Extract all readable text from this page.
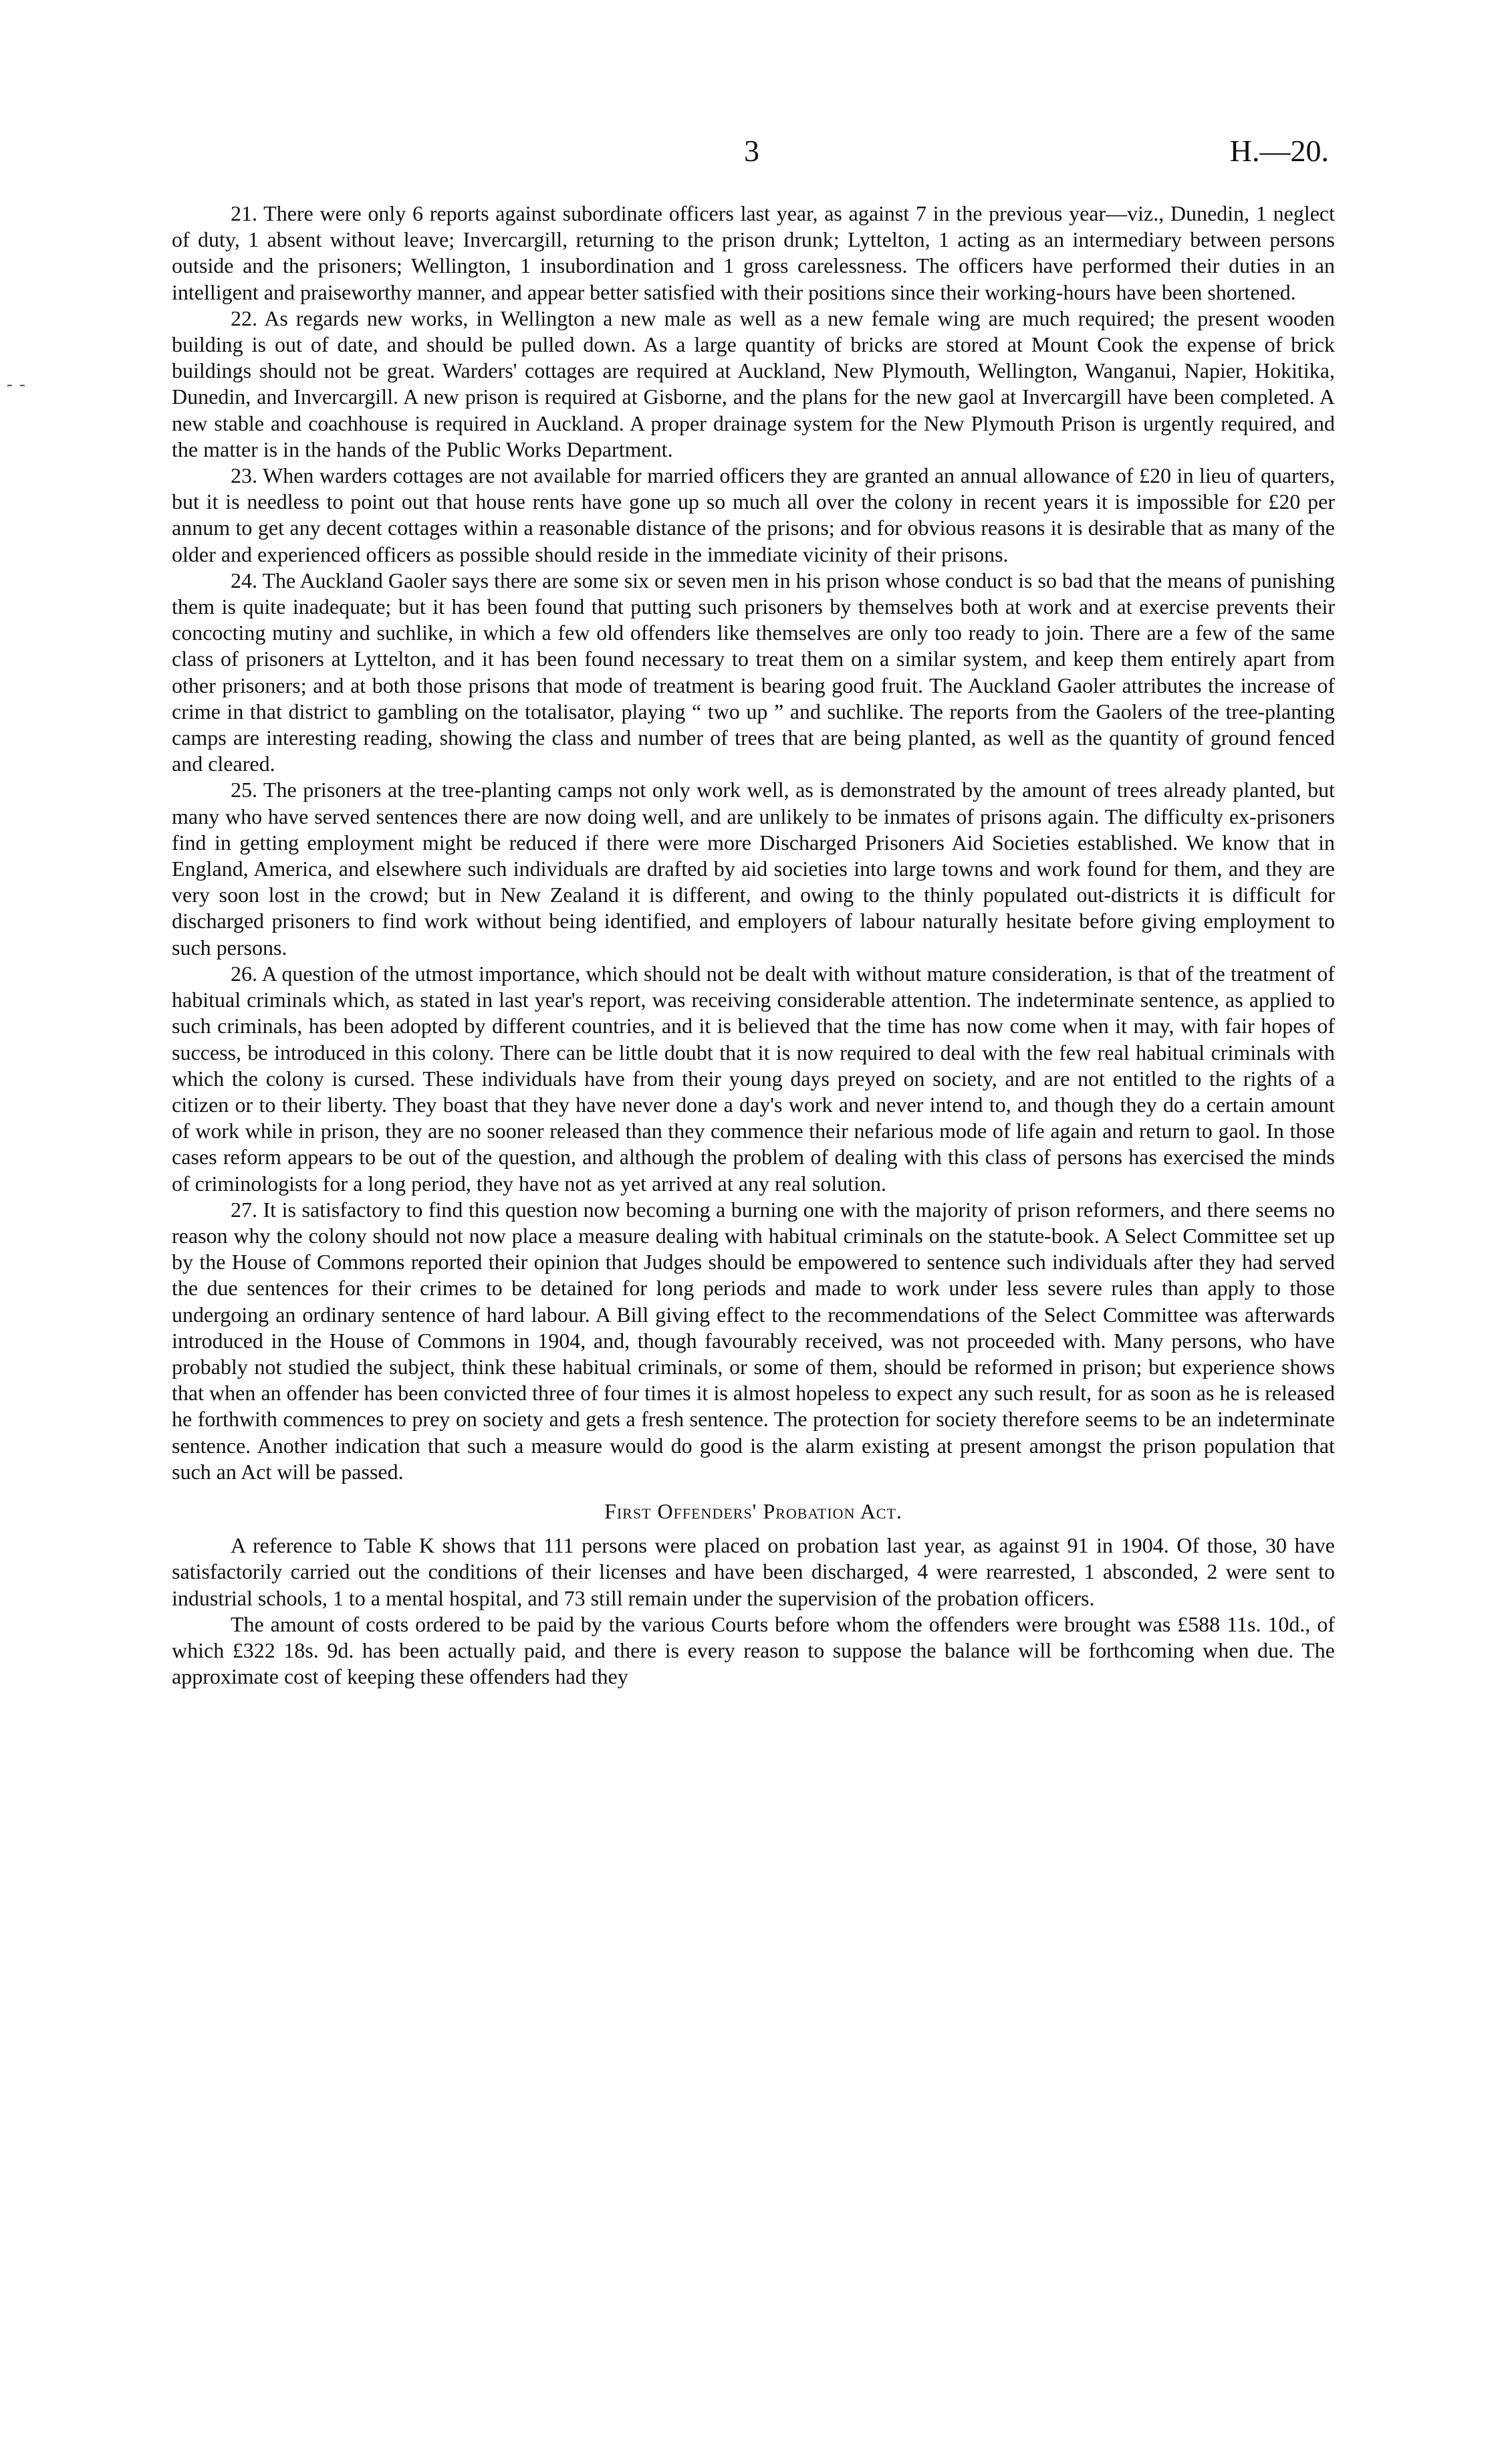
3	H.—20.
- -

21. There were only 6 reports against subordinate officers last year, as against 7 in the previous year—viz., Dunedin, 1 neglect of duty, 1 absent without leave; Invercargill, returning to the prison drunk; Lyttelton, 1 acting as an intermediary between persons outside and the prisoners; Wellington, 1 insubordination and 1 gross carelessness. The officers have performed their duties in an intelligent and praiseworthy manner, and appear better satisfied with their positions since their working-hours have been shortened.

22. As regards new works, in Wellington a new male as well as a new female wing are much required; the present wooden building is out of date, and should be pulled down. As a large quantity of bricks are stored at Mount Cook the expense of brick buildings should not be great. Warders' cottages are required at Auckland, New Plymouth, Wellington, Wanganui, Napier, Hokitika, Dunedin, and Invercargill. A new prison is required at Gisborne, and the plans for the new gaol at Invercargill have been completed. A new stable and coachhouse is required in Auckland. A proper drainage system for the New Plymouth Prison is urgently required, and the matter is in the hands of the Public Works Department.

23. When warders cottages are not available for married officers they are granted an annual allowance of £20 in lieu of quarters, but it is needless to point out that house rents have gone up so much all over the colony in recent years it is impossible for £20 per annum to get any decent cottages within a reasonable distance of the prisons; and for obvious reasons it is desirable that as many of the older and experienced officers as possible should reside in the immediate vicinity of their prisons.

24. The Auckland Gaoler says there are some six or seven men in his prison whose conduct is so bad that the means of punishing them is quite inadequate; but it has been found that putting such prisoners by themselves both at work and at exercise prevents their concocting mutiny and suchlike, in which a few old offenders like themselves are only too ready to join. There are a few of the same class of prisoners at Lyttelton, and it has been found necessary to treat them on a similar system, and keep them entirely apart from other prisoners; and at both those prisons that mode of treatment is bearing good fruit. The Auckland Gaoler attributes the increase of crime in that district to gambling on the totalisator, playing “ two up ” and suchlike. The reports from the Gaolers of the tree-planting camps are interesting reading, showing the class and number of trees that are being planted, as well as the quantity of ground fenced and cleared.

25. The prisoners at the tree-planting camps not only work well, as is demonstrated by the amount of trees already planted, but many who have served sentences there are now doing well, and are unlikely to be inmates of prisons again. The difficulty ex-prisoners find in getting employment might be reduced if there were more Discharged Prisoners Aid Societies established. We know that in England, America, and elsewhere such individuals are drafted by aid societies into large towns and work found for them, and they are very soon lost in the crowd; but in New Zealand it is different, and owing to the thinly populated out-districts it is difficult for discharged prisoners to find work without being identified, and employers of labour naturally hesitate before giving employment to such persons.

26. A question of the utmost importance, which should not be dealt with without mature consideration, is that of the treatment of habitual criminals which, as stated in last year's report, was receiving considerable attention. The indeterminate sentence, as applied to such criminals, has been adopted by different countries, and it is believed that the time has now come when it may, with fair hopes of success, be introduced in this colony. There can be little doubt that it is now required to deal with the few real habitual criminals with which the colony is cursed. These individuals have from their young days preyed on society, and are not entitled to the rights of a citizen or to their liberty. They boast that they have never done a day's work and never intend to, and though they do a certain amount of work while in prison, they are no sooner released than they commence their nefarious mode of life again and return to gaol. In those cases reform appears to be out of the question, and although the problem of dealing with this class of persons has exercised the minds of criminologists for a long period, they have not as yet arrived at any real solution.

27. It is satisfactory to find this question now becoming a burning one with the majority of prison reformers, and there seems no reason why the colony should not now place a measure dealing with habitual criminals on the statute-book. A Select Committee set up by the House of Commons reported their opinion that Judges should be empowered to sentence such individuals after they had served the due sentences for their crimes to be detained for long periods and made to work under less severe rules than apply to those undergoing an ordinary sentence of hard labour. A Bill giving effect to the recommendations of the Select Committee was afterwards introduced in the House of Commons in 1904, and, though favourably received, was not proceeded with. Many persons, who have probably not studied the subject, think these habitual criminals, or some of them, should be reformed in prison; but experience shows that when an offender has been convicted three of four times it is almost hopeless to expect any such result, for as soon as he is released he forthwith commences to prey on society and gets a fresh sentence. The protection for society therefore seems to be an indeterminate sentence. Another indication that such a measure would do good is the alarm existing at present amongst the prison population that such an Act will be passed.

First Offenders' Probation Act.

A reference to Table K shows that 111 persons were placed on probation last year, as against 91 in 1904. Of those, 30 have satisfactorily carried out the conditions of their licenses and have been discharged, 4 were rearrested, 1 absconded, 2 were sent to industrial schools, 1 to a mental hospital, and 73 still remain under the supervision of the probation officers.

The amount of costs ordered to be paid by the various Courts before whom the offenders were brought was £588 11s. 10d., of which £322 18s. 9d. has been actually paid, and there is every reason to suppose the balance will be forthcoming when due. The approximate cost of keeping these offenders had they
